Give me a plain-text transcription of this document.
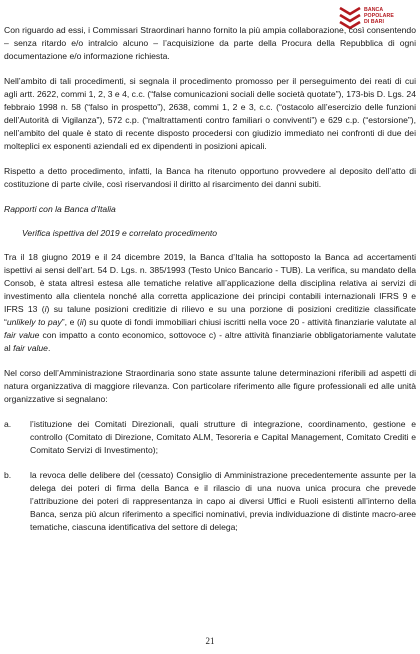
BANCA
POPOLARE
DI BARI

Con riguardo ad essi, i Commissari Straordinari hanno fornito la più ampia collaborazione, così consentendo – senza ritardo e/o intralcio alcuno – l’acquisizione da parte della Procura della Repubblica di ogni documentazione e/o informazione richiesta.

Nell’ambito di tali procedimenti, si segnala il procedimento promosso per il perseguimento dei reati di cui agli artt. 2622, commi 1, 2, 3 e 4, c.c. (“false comunicazioni sociali delle società quotate”), 173-bis D. Lgs. 24 febbraio 1998 n. 58 (“falso in prospetto”), 2638, commi 1, 2 e 3, c.c. (“ostacolo all’esercizio delle funzioni dell’Autorità di Vigilanza”), 572 c.p. (“maltrattamenti contro familiari o conviventi”) e 629 c.p. (“estorsione”), nell’ambito del quale è stato di recente disposto procedersi con giudizio immediato nei confronti di due dei molteplici ex esponenti aziendali ed ex dipendenti in posizioni apicali.

Rispetto a detto procedimento, infatti, la Banca ha ritenuto opportuno provvedere al deposito dell’atto di costituzione di parte civile, così riservandosi il diritto al risarcimento dei danni subiti.

Rapporti con la Banca d’Italia

Verifica ispettiva del 2019 e correlato procedimento

Tra il 18 giugno 2019 e il 24 dicembre 2019, la Banca d’Italia ha sottoposto la Banca ad accertamenti ispettivi ai sensi dell’art. 54 D. Lgs. n. 385/1993 (Testo Unico Bancario - TUB). La verifica, su mandato della Consob, è stata altresì estesa alle tematiche relative all’applicazione della disciplina relativa ai servizi di investimento alla clientela nonché alla corretta applicazione dei principi contabili internazionali IFRS 9 e IFRS 13 (i) su talune posizioni creditizie di rilievo e su una porzione di posizioni creditizie classificate “unlikely to pay”, e (ii) su quote di fondi immobiliari chiusi iscritti nella voce 20 - attività finanziarie valutate al fair value con impatto a conto economico, sottovoce c) - altre attività finanziarie obbligatoriamente valutate al fair value.

Nel corso dell’Amministrazione Straordinaria sono state assunte talune determinazioni riferibili ad aspetti di natura organizzativa di maggiore rilevanza. Con particolare riferimento alle figure professionali ed alle unità organizzative si segnalano:

a.	l’istituzione dei Comitati Direzionali, quali strutture di integrazione, coordinamento, gestione e controllo (Comitato di Direzione, Comitato ALM, Tesoreria e Capital Management, Comitato Crediti e Comitato Servizi di Investimento);
b.	la revoca delle delibere del (cessato) Consiglio di Amministrazione precedentemente assunte per la delega dei poteri di firma della Banca e il rilascio di una nuova unica procura che prevede l’attribuzione dei poteri di rappresentanza in capo ai diversi Uffici e Ruoli esistenti all’interno della Banca, senza più alcun riferimento a specifici nominativi, previa individuazione di distinte macro-aree tematiche, ciascuna identificativa del settore di delega;
21
